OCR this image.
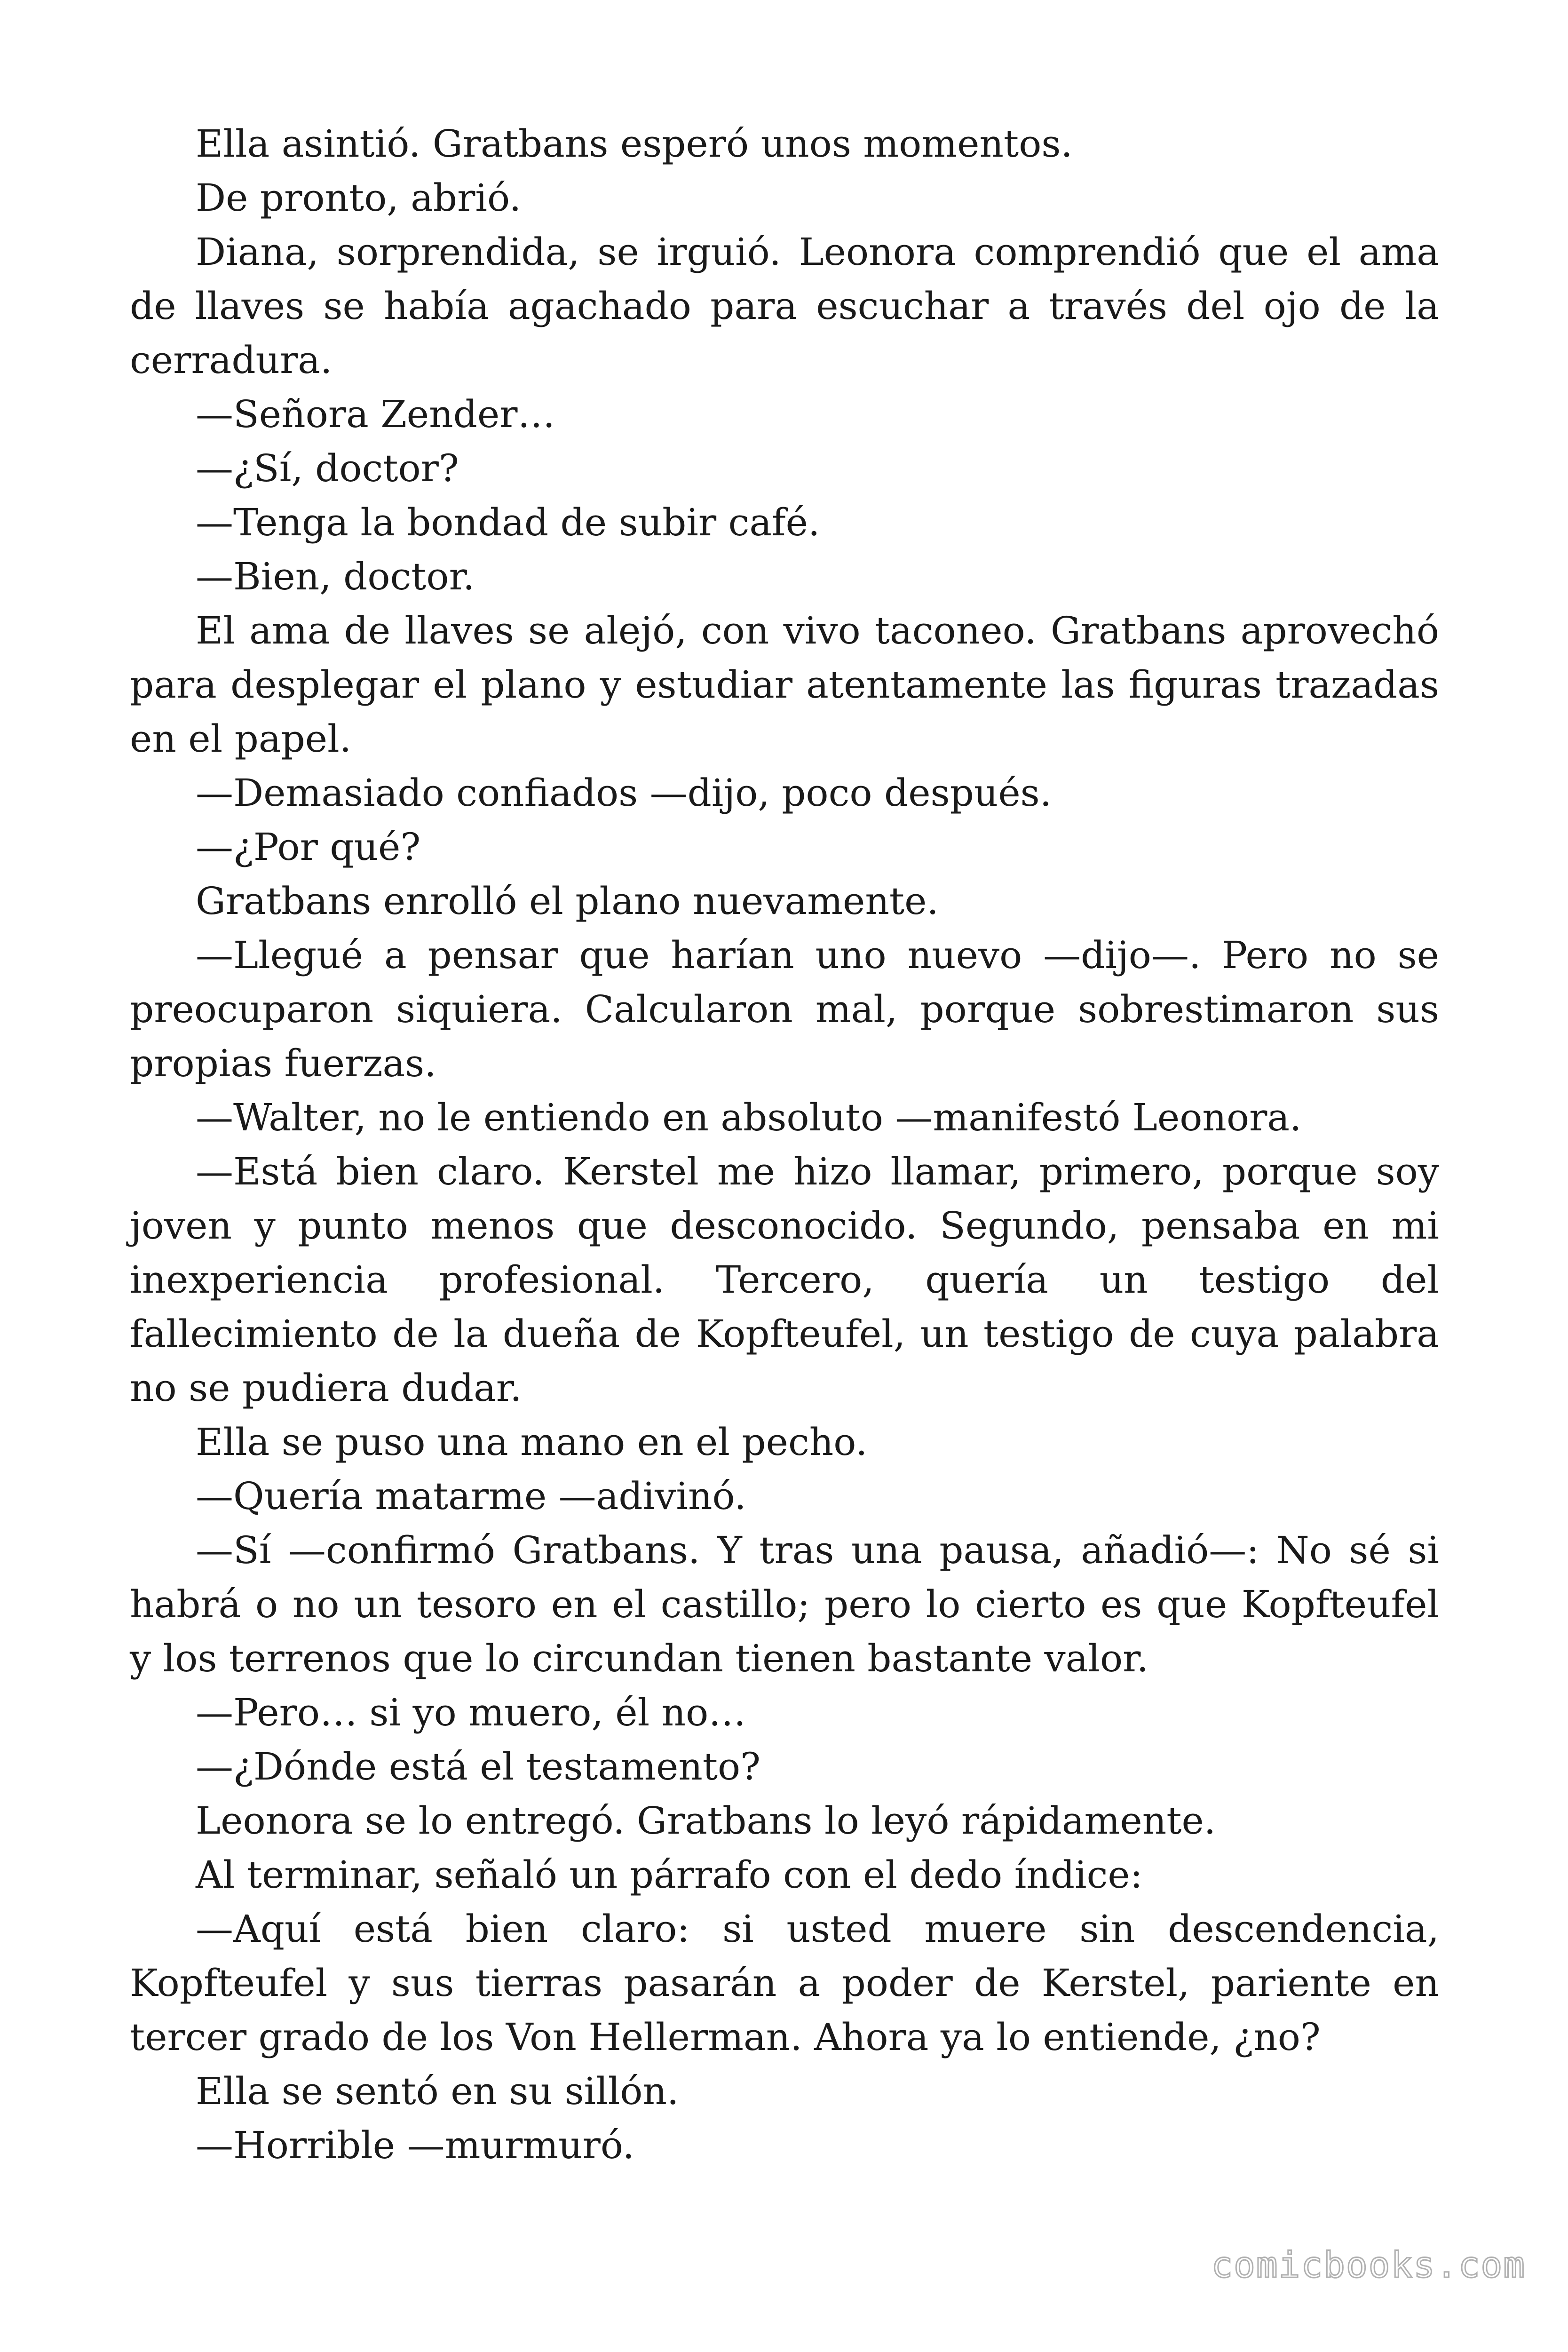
Ella asintió. Gratbans esperó unos momentos.

De pronto, abrió.

Diana, sorprendida, se irguió. Leonora comprendió que el ama de llaves se había agachado para escuchar a través del ojo de la cerradura.

—Señora Zender…

—¿Sí, doctor?

—Tenga la bondad de subir café.

—Bien, doctor.

El ama de llaves se alejó, con vivo taconeo. Gratbans aprovechó para desplegar el plano y estudiar atentamente las figuras trazadas en el papel.

—Demasiado confiados —dijo, poco después.

—¿Por qué?

Gratbans enrolló el plano nuevamente.

—Llegué a pensar que harían uno nuevo —dijo—. Pero no se preocuparon siquiera. Calcularon mal, porque sobrestimaron sus propias fuerzas.

—Walter, no le entiendo en absoluto —manifestó Leonora.

—Está bien claro. Kerstel me hizo llamar, primero, porque soy joven y punto menos que desconocido. Segundo, pensaba en mi inexperiencia profesional. Tercero, quería un testigo del fallecimiento de la dueña de Kopfteufel, un testigo de cuya palabra no se pudiera dudar.

Ella se puso una mano en el pecho.

—Quería matarme —adivinó.

—Sí —confirmó Gratbans. Y tras una pausa, añadió—: No sé si habrá o no un tesoro en el castillo; pero lo cierto es que Kopfteufel y los terrenos que lo circundan tienen bastante valor.

—Pero… si yo muero, él no…

—¿Dónde está el testamento?

Leonora se lo entregó. Gratbans lo leyó rápidamente.

Al terminar, señaló un párrafo con el dedo índice:

—Aquí está bien claro: si usted muere sin descendencia, Kopfteufel y sus tierras pasarán a poder de Kerstel, pariente en tercer grado de los Von Hellerman. Ahora ya lo entiende, ¿no?

Ella se sentó en su sillón.

—Horrible —murmuró.

comicbooks.com
